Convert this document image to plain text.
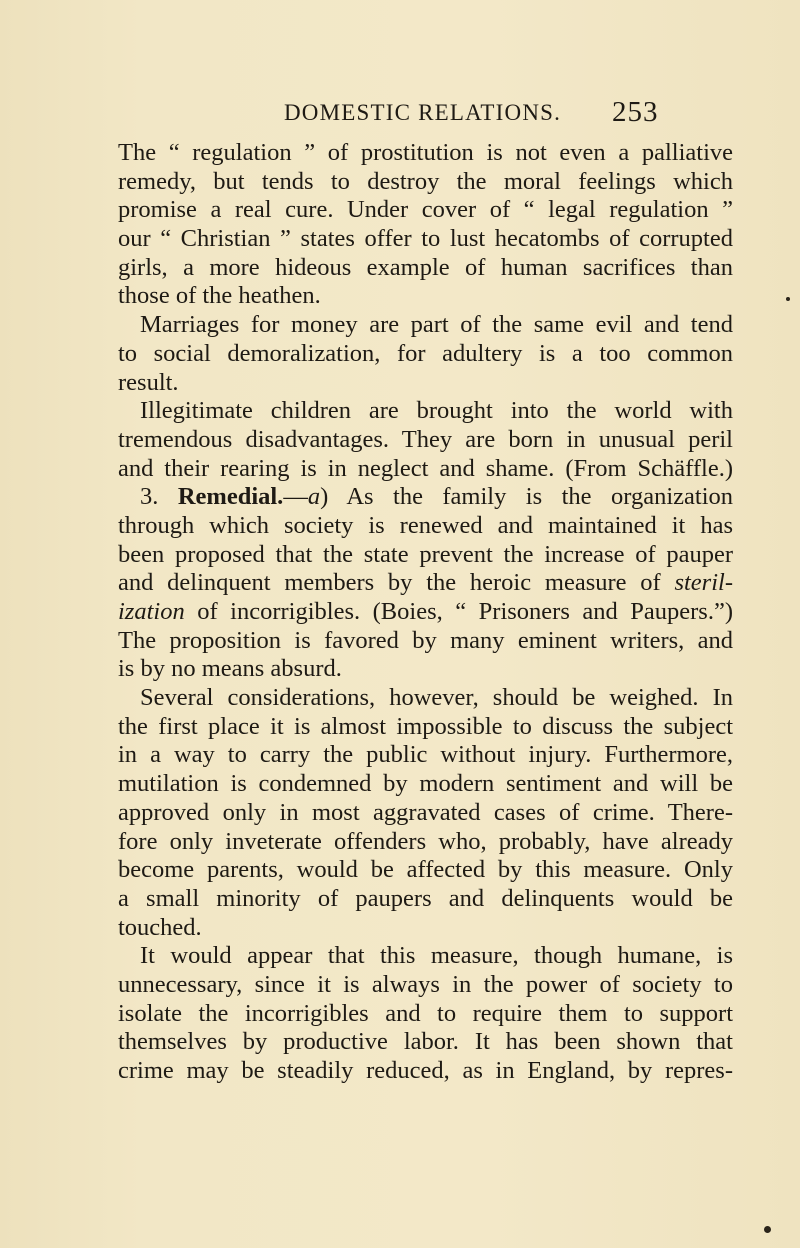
DOMESTIC RELATIONS. 253
The “ regulation ” of prostitution is not even a palliative
remedy, but tends to destroy the moral feelings which
promise a real cure. Under cover of “ legal regulation ”
our “ Christian ” states offer to lust hecatombs of corrupted
girls, a more hideous example of human sacrifices than
those of the heathen.
Marriages for money are part of the same evil and tend
to social demoralization, for adultery is a too common
result.
Illegitimate children are brought into the world with
tremendous disadvantages. They are born in unusual peril
and their rearing is in neglect and shame. (From Schäffle.)
3. Remedial.—a) As the family is the organization
through which society is renewed and maintained it has
been proposed that the state prevent the increase of pauper
and delinquent members by the heroic measure of steril-
ization of incorrigibles. (Boies, “ Prisoners and Paupers.”)
The proposition is favored by many eminent writers, and
is by no means absurd.
Several considerations, however, should be weighed. In
the first place it is almost impossible to discuss the subject
in a way to carry the public without injury. Furthermore,
mutilation is condemned by modern sentiment and will be
approved only in most aggravated cases of crime. There-
fore only inveterate offenders who, probably, have already
become parents, would be affected by this measure. Only
a small minority of paupers and delinquents would be
touched.
It would appear that this measure, though humane, is
unnecessary, since it is always in the power of society to
isolate the incorrigibles and to require them to support
themselves by productive labor. It has been shown that
crime may be steadily reduced, as in England, by repres-
